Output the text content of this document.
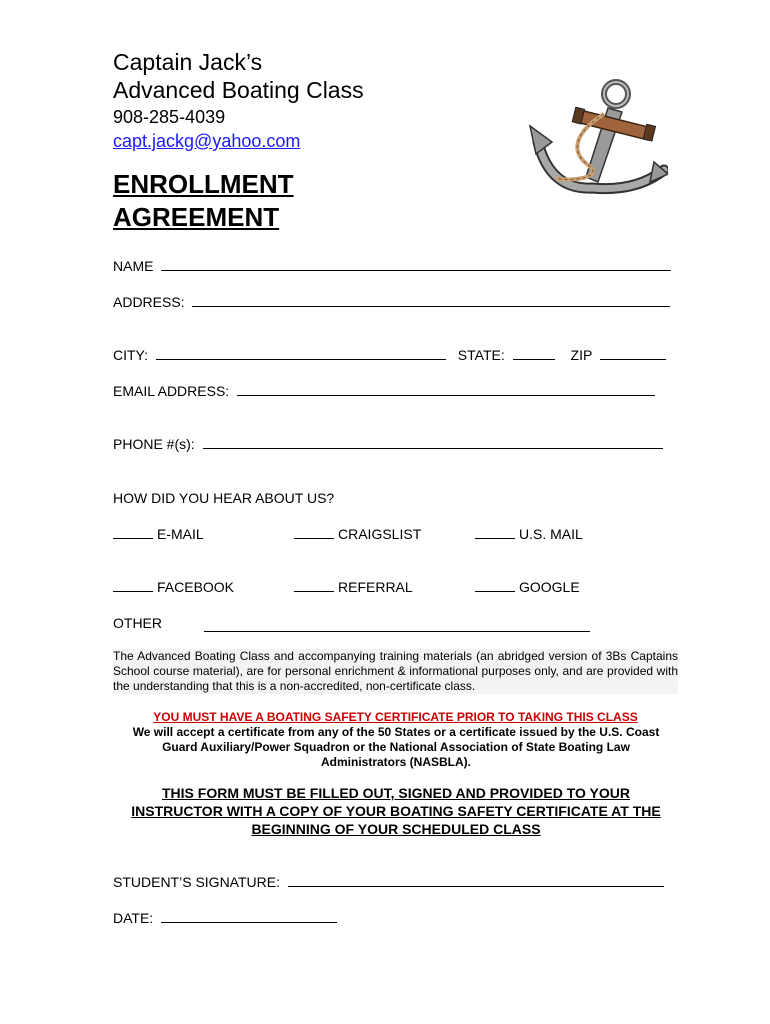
Captain Jack’s
Advanced Boating Class
908-285-4039
capt.jackg@yahoo.com
ENROLLMENT
AGREEMENT
NAME
ADDRESS:
CITY:	STATE:	ZIP
EMAIL ADDRESS:
PHONE #(s):
HOW DID YOU HEAR ABOUT US?
E-MAIL	CRAIGSLIST	U.S. MAIL
FACEBOOK	REFERRAL	GOOGLE
OTHER
The Advanced Boating Class and accompanying training materials (an abridged version of 3Bs Captains School course material), are for personal enrichment & informational purposes only, and are provided with the understanding that this is a non-accredited, non-certificate class.
YOU MUST HAVE A BOATING SAFETY CERTIFICATE PRIOR TO TAKING THIS CLASS
We will accept a certificate from any of the 50 States or a certificate issued by the U.S. Coast Guard Auxiliary/Power Squadron or the National Association of State Boating Law Administrators (NASBLA).
THIS FORM MUST BE FILLED OUT, SIGNED AND PROVIDED TO YOUR INSTRUCTOR WITH A COPY OF YOUR BOATING SAFETY CERTIFICATE AT THE BEGINNING OF YOUR SCHEDULED CLASS
STUDENT’S SIGNATURE:
DATE:
